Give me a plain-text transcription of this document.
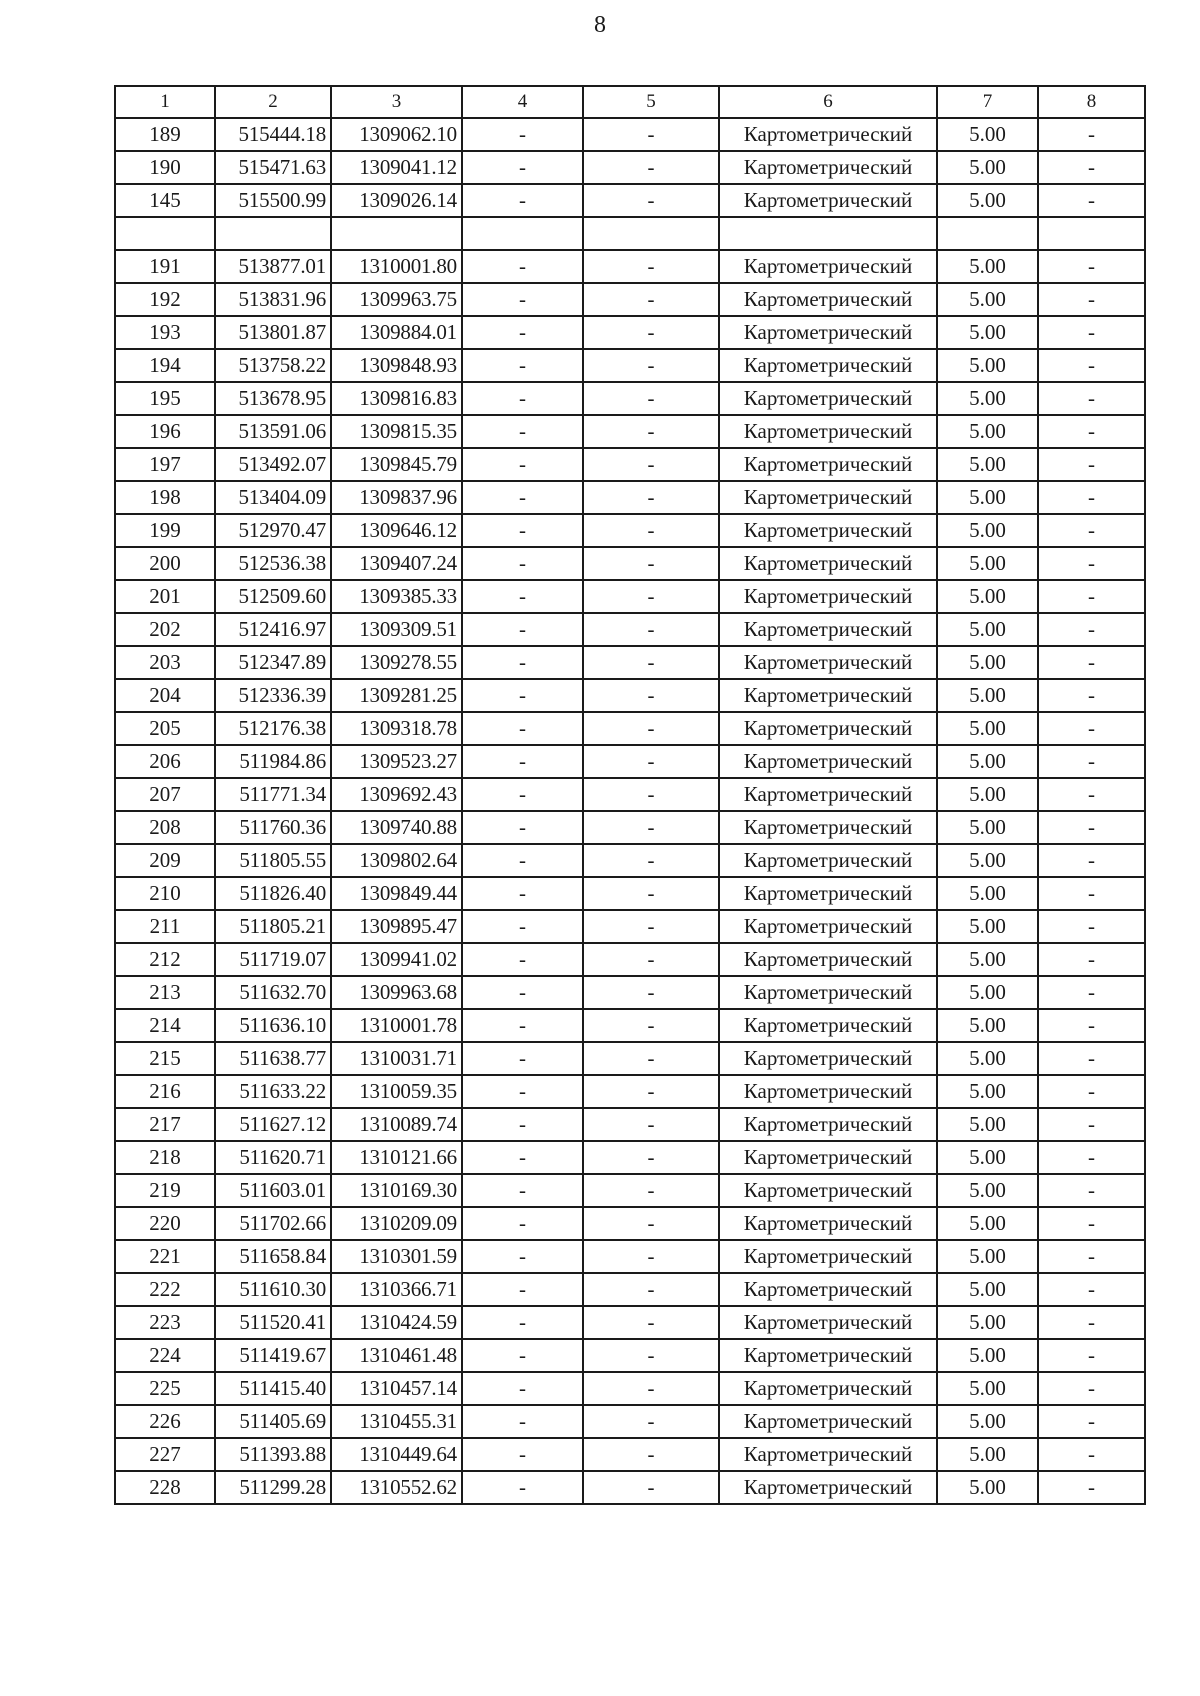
8
1	2	3	4	5	6	7	8
189	515444.18	1309062.10	-	-	Картометрический	5.00	-
190	515471.63	1309041.12	-	-	Картометрический	5.00	-
145	515500.99	1309026.14	-	-	Картометрический	5.00	-

191	513877.01	1310001.80	-	-	Картометрический	5.00	-
192	513831.96	1309963.75	-	-	Картометрический	5.00	-
193	513801.87	1309884.01	-	-	Картометрический	5.00	-
194	513758.22	1309848.93	-	-	Картометрический	5.00	-
195	513678.95	1309816.83	-	-	Картометрический	5.00	-
196	513591.06	1309815.35	-	-	Картометрический	5.00	-
197	513492.07	1309845.79	-	-	Картометрический	5.00	-
198	513404.09	1309837.96	-	-	Картометрический	5.00	-
199	512970.47	1309646.12	-	-	Картометрический	5.00	-
200	512536.38	1309407.24	-	-	Картометрический	5.00	-
201	512509.60	1309385.33	-	-	Картометрический	5.00	-
202	512416.97	1309309.51	-	-	Картометрический	5.00	-
203	512347.89	1309278.55	-	-	Картометрический	5.00	-
204	512336.39	1309281.25	-	-	Картометрический	5.00	-
205	512176.38	1309318.78	-	-	Картометрический	5.00	-
206	511984.86	1309523.27	-	-	Картометрический	5.00	-
207	511771.34	1309692.43	-	-	Картометрический	5.00	-
208	511760.36	1309740.88	-	-	Картометрический	5.00	-
209	511805.55	1309802.64	-	-	Картометрический	5.00	-
210	511826.40	1309849.44	-	-	Картометрический	5.00	-
211	511805.21	1309895.47	-	-	Картометрический	5.00	-
212	511719.07	1309941.02	-	-	Картометрический	5.00	-
213	511632.70	1309963.68	-	-	Картометрический	5.00	-
214	511636.10	1310001.78	-	-	Картометрический	5.00	-
215	511638.77	1310031.71	-	-	Картометрический	5.00	-
216	511633.22	1310059.35	-	-	Картометрический	5.00	-
217	511627.12	1310089.74	-	-	Картометрический	5.00	-
218	511620.71	1310121.66	-	-	Картометрический	5.00	-
219	511603.01	1310169.30	-	-	Картометрический	5.00	-
220	511702.66	1310209.09	-	-	Картометрический	5.00	-
221	511658.84	1310301.59	-	-	Картометрический	5.00	-
222	511610.30	1310366.71	-	-	Картометрический	5.00	-
223	511520.41	1310424.59	-	-	Картометрический	5.00	-
224	511419.67	1310461.48	-	-	Картометрический	5.00	-
225	511415.40	1310457.14	-	-	Картометрический	5.00	-
226	511405.69	1310455.31	-	-	Картометрический	5.00	-
227	511393.88	1310449.64	-	-	Картометрический	5.00	-
228	511299.28	1310552.62	-	-	Картометрический	5.00	-
